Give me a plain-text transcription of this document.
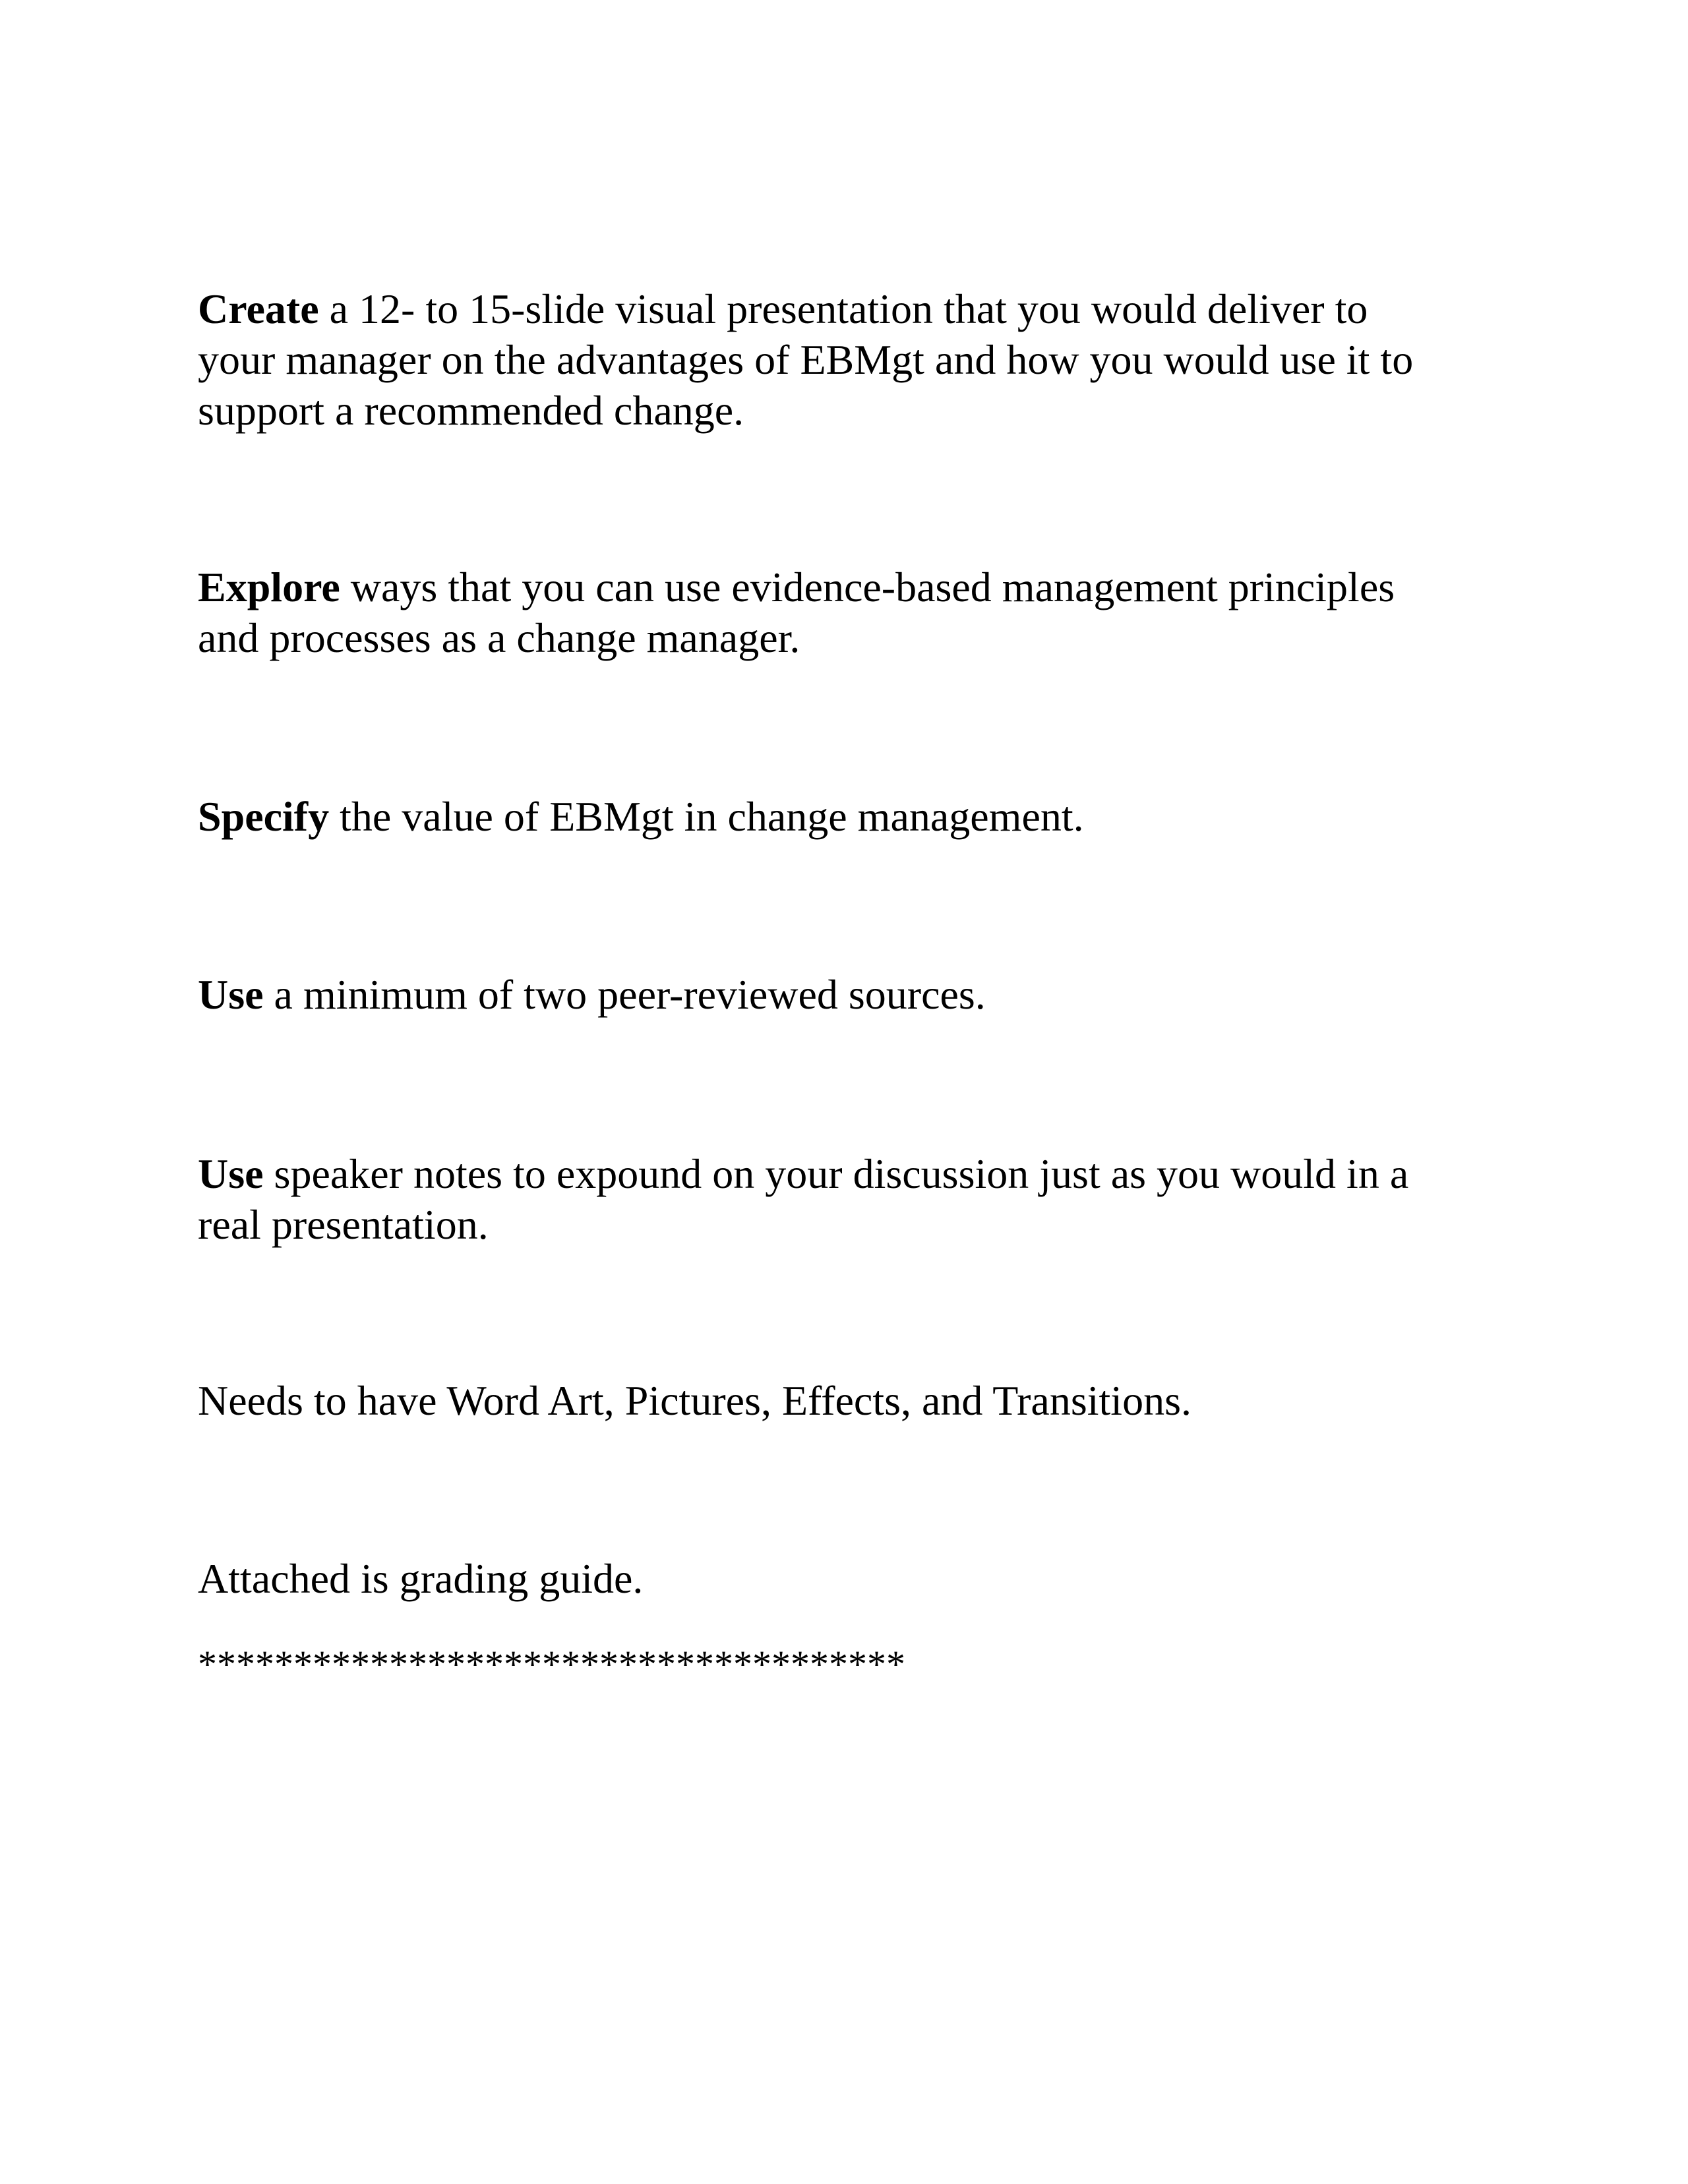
Create a 12- to 15-slide visual presentation that you would deliver to
your manager on the advantages of EBMgt and how you would use it to
support a recommended change.

Explore ways that you can use evidence-based management principles
and processes as a change manager.

Specify the value of EBMgt in change management.

Use a minimum of two peer-reviewed sources.

Use speaker notes to expound on your discussion just as you would in a
real presentation.

Needs to have Word Art, Pictures, Effects, and Transitions.

Attached is grading guide.

*************************************
